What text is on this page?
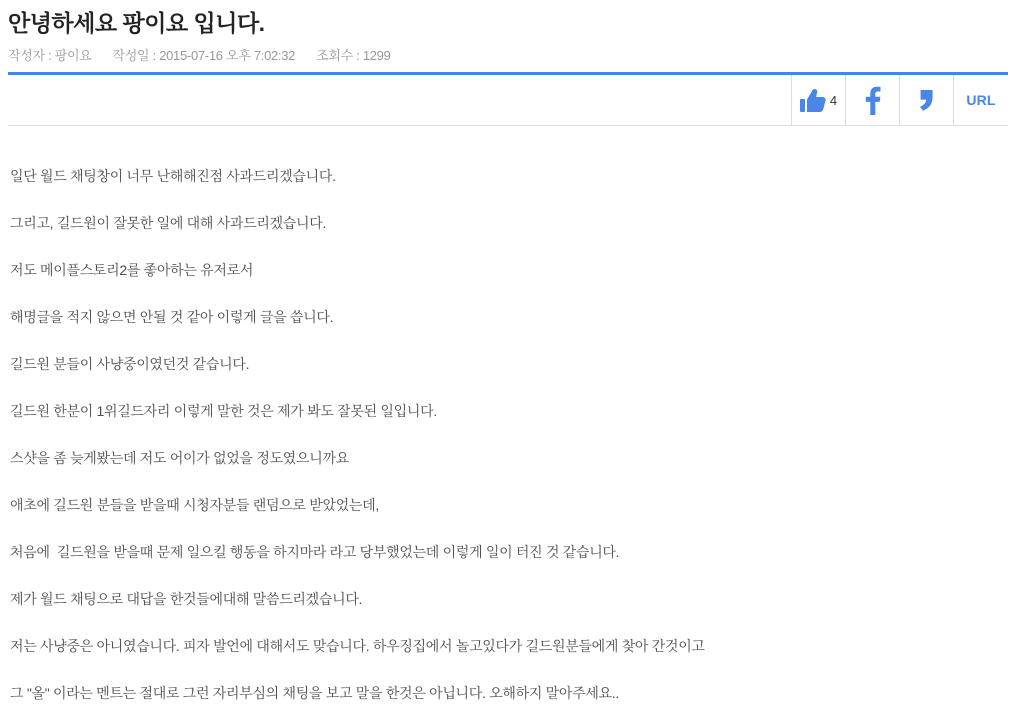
안녕하세요 팡이요 입니다.
작성자 : 팡이요 작성일 : 2015-07-16 오후 7:02:32 조회수 : 1299
4	URL

일단 월드 채팅창이 너무 난해해진점 사과드리겠습니다.

그리고, 길드원이 잘못한 일에 대해 사과드리겠습니다.

저도 메이플스토리2를 좋아하는 유저로서

해명글을 적지 않으면 안될 것 같아 이렇게 글을 씁니다.

길드원 분들이 사냥중이였던것 같습니다.

길드원 한분이 1위길드자리 이렇게 말한 것은 제가 봐도 잘못된 일입니다.

스샷을 좀 늦게봤는데 저도 어이가 없었을 정도였으니까요

애초에 길드원 분들을 받을때 시청자분들 랜덤으로 받았었는데,

처음에  길드원을 받을때 문제 일으킬 행동을 하지마라 라고 당부했었는데 이렇게 일이 터진 것 같습니다.

제가 월드 채팅으로 대답을 한것들에대해 말씀드리겠습니다.

저는 사냥중은 아니였습니다. 피자 발언에 대해서도 맞습니다. 하우징집에서 놀고있다가 길드원분들에게 찾아 간것이고

그 "올" 이라는 멘트는 절대로 그런 자리부심의 채팅을 보고 말을 한것은 아닙니다. 오해하지 말아주세요..
